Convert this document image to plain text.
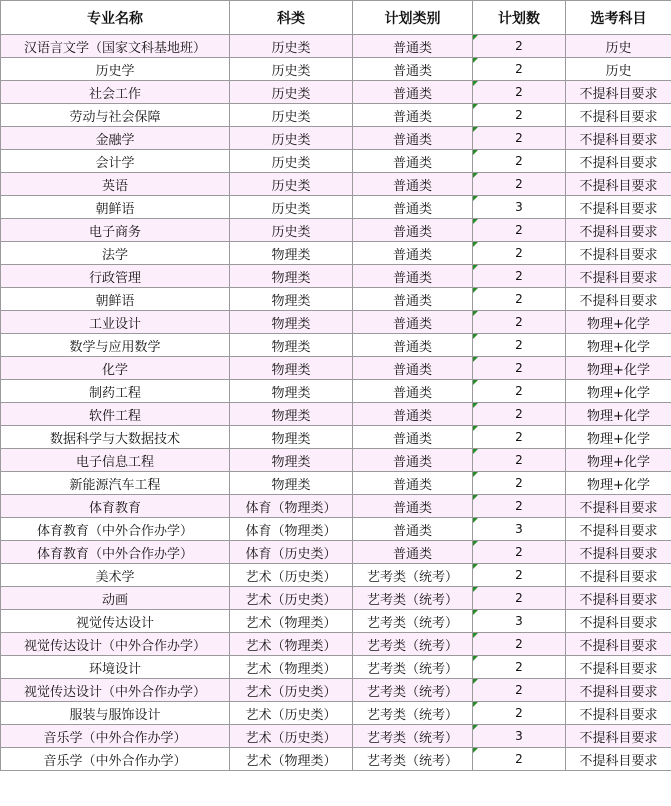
专业名称	科类	计划类别	计划数	选考科目
汉语言文学（国家文科基地班）	历史类	普通类	2	历史
历史学	历史类	普通类	2	历史
社会工作	历史类	普通类	2	不提科目要求
劳动与社会保障	历史类	普通类	2	不提科目要求
金融学	历史类	普通类	2	不提科目要求
会计学	历史类	普通类	2	不提科目要求
英语	历史类	普通类	2	不提科目要求
朝鲜语	历史类	普通类	3	不提科目要求
电子商务	历史类	普通类	2	不提科目要求
法学	物理类	普通类	2	不提科目要求
行政管理	物理类	普通类	2	不提科目要求
朝鲜语	物理类	普通类	2	不提科目要求
工业设计	物理类	普通类	2	物理+化学
数学与应用数学	物理类	普通类	2	物理+化学
化学	物理类	普通类	2	物理+化学
制药工程	物理类	普通类	2	物理+化学
软件工程	物理类	普通类	2	物理+化学
数据科学与大数据技术	物理类	普通类	2	物理+化学
电子信息工程	物理类	普通类	2	物理+化学
新能源汽车工程	物理类	普通类	2	物理+化学
体育教育	体育（物理类）	普通类	2	不提科目要求
体育教育（中外合作办学）	体育（物理类）	普通类	3	不提科目要求
体育教育（中外合作办学）	体育（历史类）	普通类	2	不提科目要求
美术学	艺术（历史类）	艺考类（统考）	2	不提科目要求
动画	艺术（历史类）	艺考类（统考）	2	不提科目要求
视觉传达设计	艺术（物理类）	艺考类（统考）	3	不提科目要求
视觉传达设计（中外合作办学）	艺术（物理类）	艺考类（统考）	2	不提科目要求
环境设计	艺术（物理类）	艺考类（统考）	2	不提科目要求
视觉传达设计（中外合作办学）	艺术（历史类）	艺考类（统考）	2	不提科目要求
服装与服饰设计	艺术（历史类）	艺考类（统考）	2	不提科目要求
音乐学（中外合作办学）	艺术（历史类）	艺考类（统考）	3	不提科目要求
音乐学（中外合作办学）	艺术（物理类）	艺考类（统考）	2	不提科目要求
